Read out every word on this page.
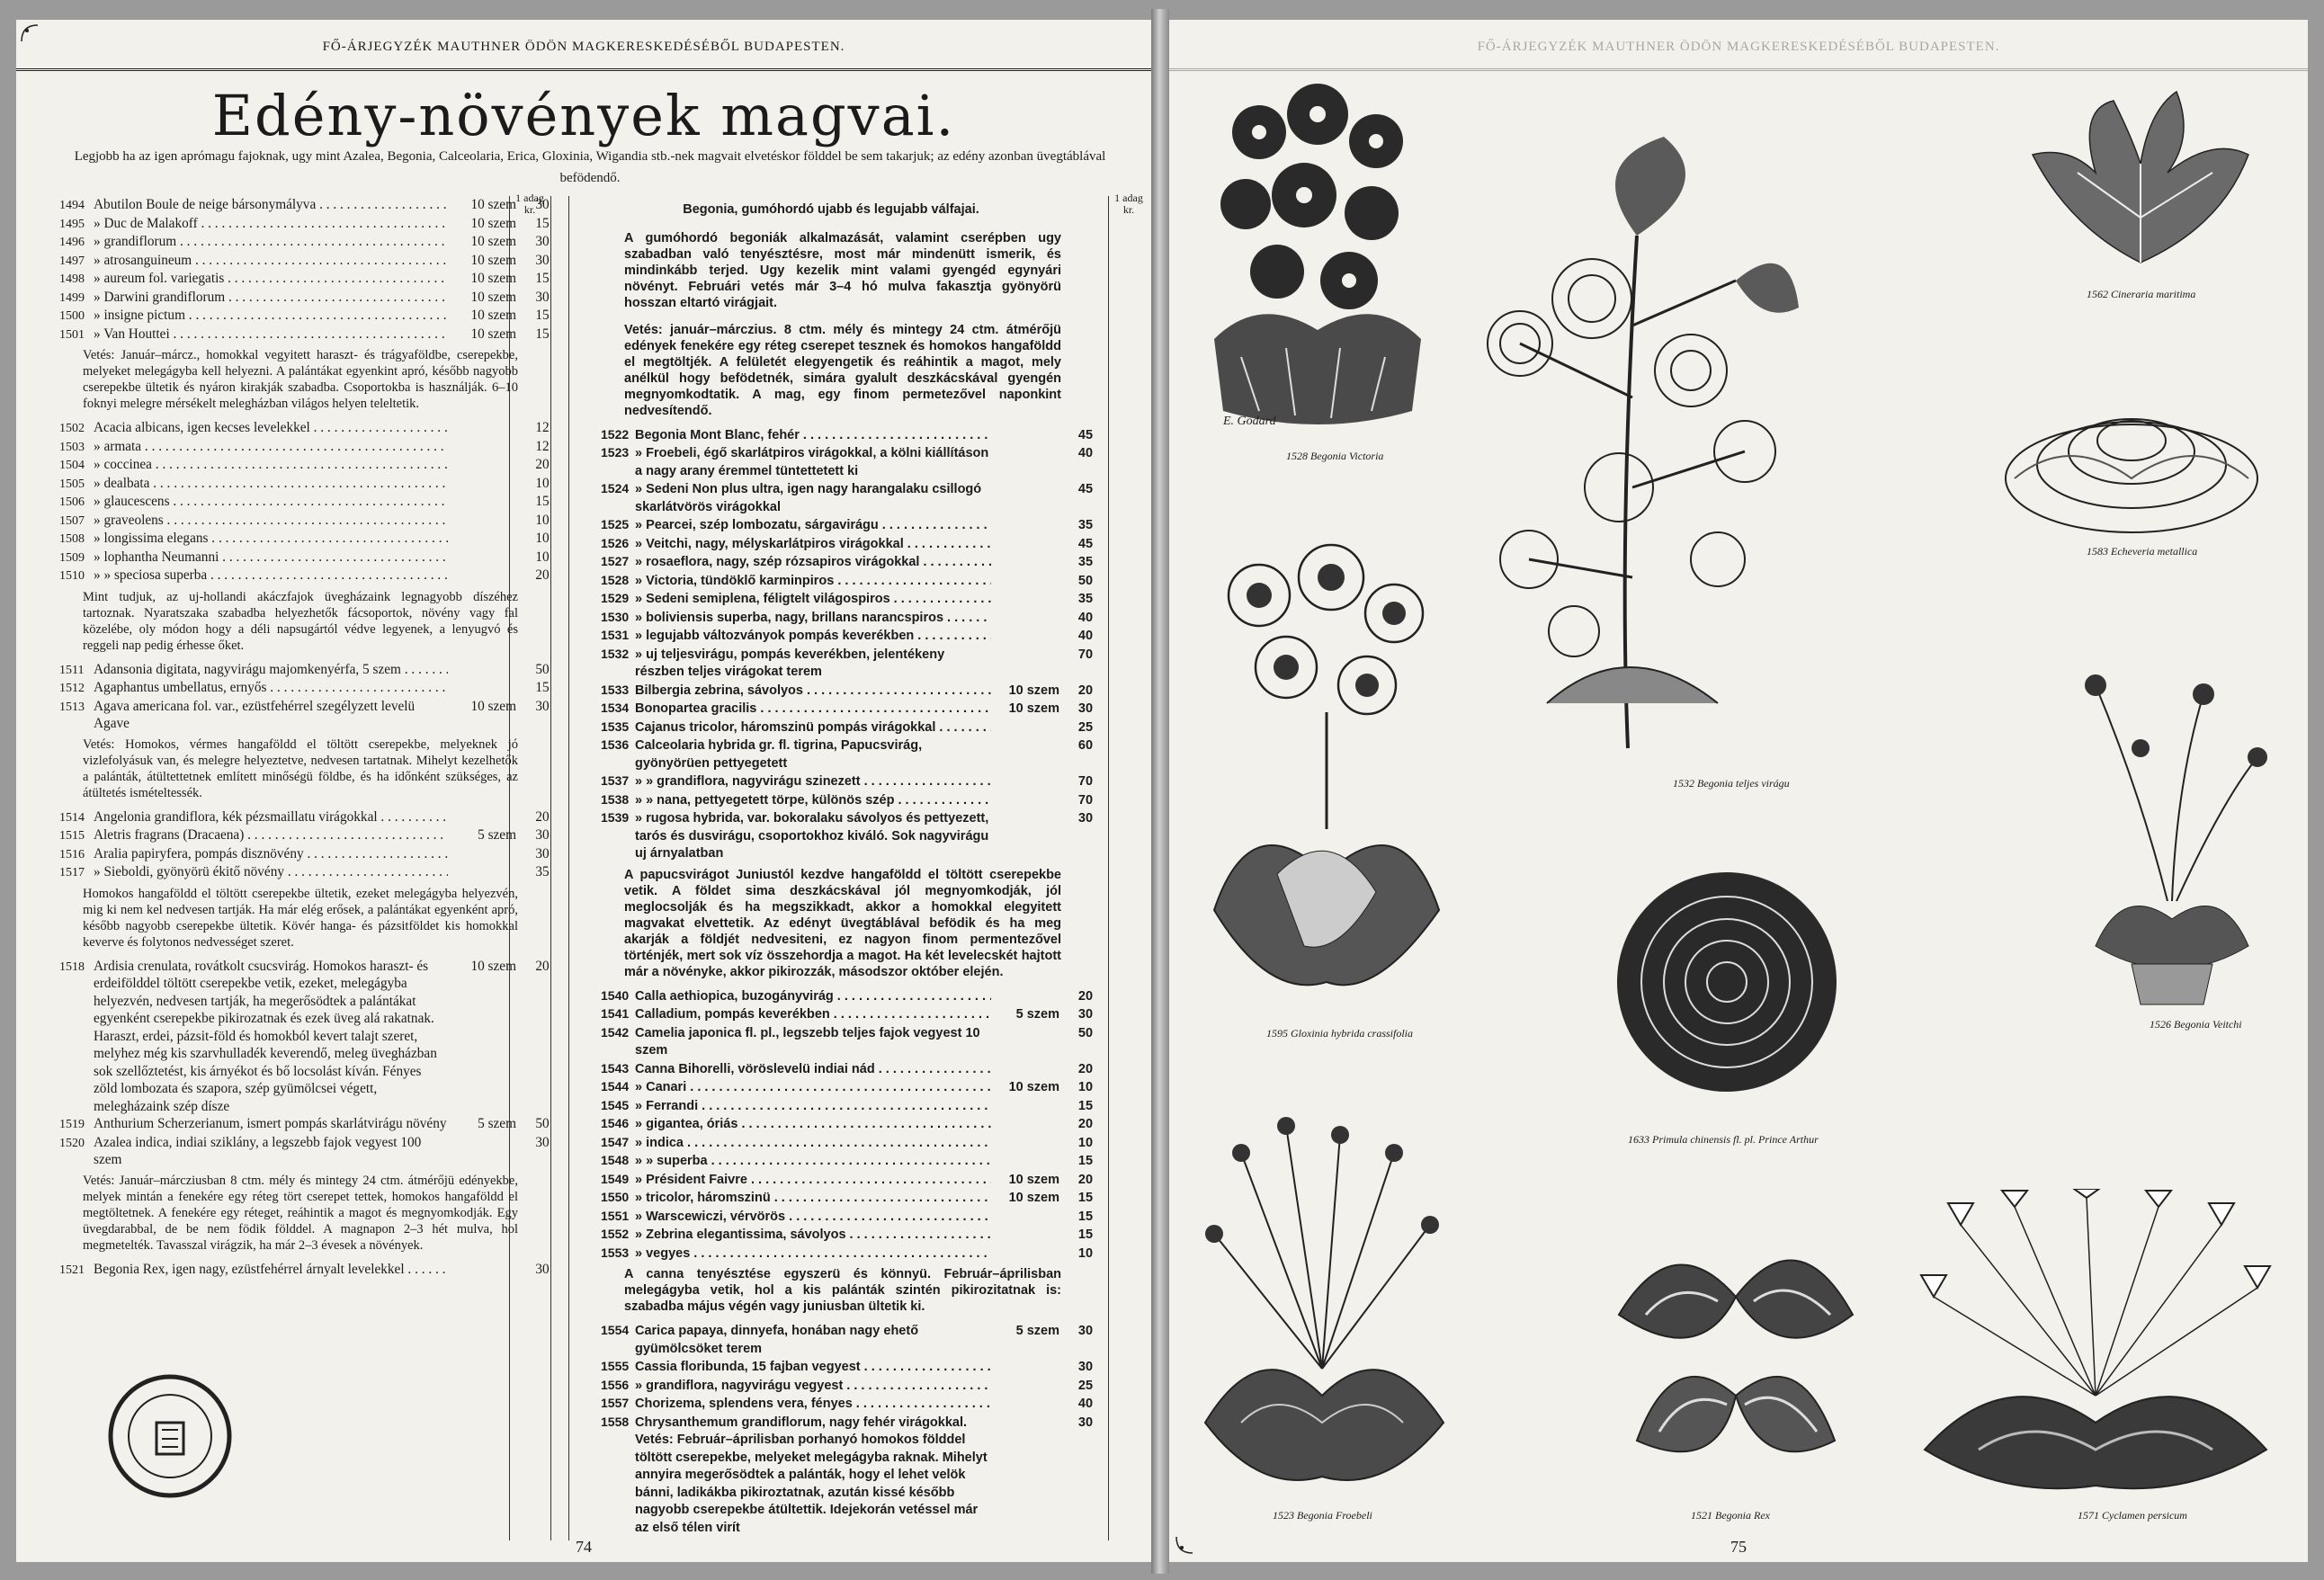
FŐ-ÁRJEGYZÉK MAUTHNER ÖDÖN MAGKERESKEDÉSÉBŐL BUDAPESTEN.
Edény-növények magvai.
Legjobb ha az igen aprómagu fajoknak, ugy mint Azalea, Begonia, Calceolaria, Erica, Gloxinia, Wigandia stb.-nek magvait elvetéskor földdel be sem takarjuk; az edény azonban üvegtáblával befödendő.
1 adag kr.
1 adag kr.
1494 Abutilon Boule de neige bársonymályva . . .	10 szem	30
1495 » Duc de Malakoff . . .	10 szem	15
1496 » grandiflorum . . .	10 szem	30
1497 » atrosanguineum . . .	10 szem	30
1498 » aureum fol. variegatis . . .	10 szem	15
1499 » Darwini grandiflorum . . .	10 szem	30
1500 » insigne pictum . . .	10 szem	15
1501 » Van Houttei . . .	10 szem	15
Vetés: Január–márcz., homokkal vegyitett haraszt- és trágyaföldbe, cserepekbe, melyeket melegágyba kell helyezni. A palántákat egyenkint apró, később nagyobb cserepekbe ültetik és nyáron kirakják szabadba. Csoportokba is használják. 6–10 foknyi melegre mérsékelt melegházban világos helyen teleltetik.
1502 Acacia albicans, igen kecses levelekkel . . .	12
1503 » armata . . .	12
1504 » coccinea . . .	20
1505 » dealbata . . .	10
1506 » glaucescens . . .	15
1507 » graveolens . . .	10
1508 » longissima elegans . . .	10
1509 » lophantha Neumanni . . .	10
1510 » » speciosa superba . . .	20
Mint tudjuk, az uj-hollandi akáczfajok üvegházaink legnagyobb díszéhez tartoznak. Nyaratszaka szabadba helyezhetők fácsoportok, növény vagy fal közelébe, oly módon hogy a déli napsugártól védve legyenek, a lenyugvó és reggeli nap pedig érhesse őket.
1511 Adansonia digitata, nagyvirágu majomkenyérfa, 5 szem . . .	50
1512 Agaphantus umbellatus, ernyős . . .	15
1513 Agava americana fol. var., ezüstfehérrel szegélyzett levelü Agave
10 szem	30
Vetés: Homokos, vérmes hangaföldd el töltött cserepekbe, melyeknek jó vizlefolyásuk van, és melegre helyeztetve, nedvesen tartatnak. Mihelyt kezelhetők a palánták, átültettetnek említett minőségü földbe, és ha időnként szükséges, az átültetés ismételtessék.
1514 Angelonia grandiflora, kék pézsmaillatu virágokkal . . .	20
1515 Aletris fragrans (Dracaena) . . .	5 szem	30
1516 Aralia papiryfera, pompás disznövény . . .	30
1517 » Sieboldi, gyönyörü ékitő növény . . .	35
Homokos hangaföldd el töltött cserepekbe ültetik, ezeket melegágyba helyezvén, mig ki nem kel nedvesen tartják. Ha már elég erősek, a palántákat egyenként apró, később nagyobb cserepekbe ültetik. Kövér hanga- és pázsitföldet kis homokkal keverve és folytonos nedvességet szeret.
1518 Ardisia crenulata, rovátkolt csucsvirág. Homokos haraszt- és erdeifölddel töltött cserepekbe vetik, ezeket, melegágyba helyezvén, nedvesen tartják, ha megerősödtek a palántákat egyenként cserepekbe pikirozatnak és ezek üveg alá rakatnak. Haraszt, erdei, pázsit-föld és homokból kevert talajt szeret, melyhez még kis szarvhulladék keverendő, meleg üvegházban sok szellőztetést, kis árnyékot és bő locsolást kíván. Fényes zöld lombozata és szapora, szép gyümölcsei végett, melegházaink szép dísze
10 szem	20
1519 Anthurium Scherzerianum, ismert pompás skarlátvirágu növény . . .	5 szem	50
1520 Azalea indica, indiai sziklány, a legszebb fajok vegyest 100 szem
30
Vetés: Január–márcziusban 8 ctm. mély és mintegy 24 ctm. átmérőjü edényekbe, melyek mintán a fenekére egy réteg tört cserepet tettek, homokos hangaföldd el megtöltetnek. A fenekére egy réteget, reáhintik a magot és megnyomkodják. Egy üvegdarabbal, de be nem födik földdel. A magnapon 2–3 hét mulva, hol megmetelték. Tavasszal virágzik, ha már 2–3 évesek a növények.
1521 Begonia Rex, igen nagy, ezüstfehérrel árnyalt levelekkel . . .	30
Begonia, gumóhordó ujabb és legujabb válfajai.
A gumóhordó begoniák alkalmazását, valamint cserépben ugy szabadban való tenyésztésre, most már mindenütt ismerik, és mindinkább terjed. Ugy kezelik mint valami gyengéd egynyári növényt. Februári vetés már 3–4 hó mulva fakasztja gyönyörü hosszan eltartó virágjait.
Vetés: január–márczius. 8 ctm. mély és mintegy 24 ctm. átmérőjü edények fenekére egy réteg cserepet tesznek és homokos hangaföldd el megtöltjék. A felületét elegyengetik és reáhintik a magot, mely anélkül hogy befödetnék, simára gyalult deszkácskával gyengén megnyomkodtatik. A mag, egy finom permetezővel naponkint nedvesítendő.
1522 Begonia Mont Blanc, fehér . . .	45
1523 » Froebeli, égő skarlátpiros virágokkal, a kölni kiállításon a nagy arany éremmel tüntettetett ki
40
1524 » Sedeni Non plus ultra, igen nagy harangalaku csillogó skarlátvörös virágokkal
45
1525 » Pearcei, szép lombozatu, sárgavirágu . . .	35
1526 » Veitchi, nagy, mélyskarlátpiros virágokkal . . .	45
1527 » rosaeflora, nagy, szép rózsapiros virágokkal . . .	35
1528 » Victoria, tündöklő karminpiros . . .	50
1529 » Sedeni semiplena, féligtelt világospiros . . .	35
1530 » boliviensis superba, nagy, brillans narancspiros . . .	40
1531 » legujabb változványok pompás keverékben . . .	40
1532 » uj teljesvirágu, pompás keverékben, jelentékeny részben teljes virágokat terem
70
1533 Bilbergia zebrina, sávolyos . . .	10 szem	20
1534 Bonopartea gracilis . . .	10 szem	30
1535 Cajanus tricolor, háromszinü pompás virágokkal . . .	25
1536 Calceolaria hybrida gr. fl. tigrina, Papucsvirág, gyönyörüen pettyegetett
60
1537 » » grandiflora, nagyvirágu szinezett . . .	70
1538 » » nana, pettyegetett törpe, különös szép . . .	70
1539 » rugosa hybrida, var. bokoralaku sávolyos és pettyezett, tarós és dusvirágu, csoportokhoz kiváló. Sok nagyvirágu uj árnyalatban
30
A papucsvirágot Juniustól kezdve hangaföldd el töltött cserepekbe vetik. A földet sima deszkácskával jól megnyomkodják, jól meglocsolják és ha megszikkadt, akkor a homokkal elegyitett magvakat elvettetik. Az edényt üvegtáblával befödik és ha meg akarják a földjét nedvesiteni, ez nagyon finom permentezővel történjék, mert sok víz összehordja a magot. Ha két levelecskét hajtott már a növényke, akkor pikirozzák, másodszor október elején.
1540 Calla aethiopica, buzogányvirág . . .	20
1541 Calladium, pompás keverékben . . .	5 szem	30
1542 Camelia japonica fl. pl., legszebb teljes fajok vegyest 10 szem
50
1543 Canna Bihorelli, vöröslevelü indiai nád . . .	20
1544 » Canari . . .	10 szem	10
1545 » Ferrandi . . .	15
1546 » gigantea, óriás . . .	20
1547 » indica . . .	10
1548 » » superba . . .	15
1549 » Président Faivre . . .	10 szem	20
1550 » tricolor, háromszinü . . .	10 szem	15
1551 » Warscewiczi, vérvörös . . .	15
1552 » Zebrina elegantissima, sávolyos . . .	15
1553 » vegyes . . .	10
A canna tenyésztése egyszerü és könnyü. Február–áprilisban melegágyba vetik, hol a kis palánták szintén pikirozitatnak is: szabadba május végén vagy juniusban ültetik ki.
1554 Carica papaya, dinnyefa, honában nagy ehető gyümölcsöket terem
5 szem	30
1555 Cassia floribunda, 15 fajban vegyest . . .	30
1556 » grandiflora, nagyvirágu vegyest . . .	25
1557 Chorizema, splendens vera, fényes . . .	40
1558 Chrysanthemum grandiflorum, nagy fehér virágokkal. Vetés: Február–áprilisban porhanyó homokos földdel töltött cserepekbe, melyeket melegágyba raknak. Mihelyt annyira megerősödtek a palánták, hogy el lehet velök bánni, ladikákba pikiroztatnak, azután kissé később nagyobb cserepekbe átültettik. Idejekorán vetéssel már az első télen virít
30
74
FŐ-ÁRJEGYZÉK MAUTHNER ÖDÖN MAGKERESKEDÉSÉBŐL BUDAPESTEN.
E. Godard
1528 Begonia Victoria
1532 Begonia teljes virágu
1562 Cineraria maritima
1583 Echeveria metallica
1595 Gloxinia hybrida crassifolia
1633 Primula chinensis fl. pl. Prince Arthur
1526 Begonia Veitchi
1523 Begonia Froebeli	1521 Begonia Rex	1571 Cyclamen persicum
75
